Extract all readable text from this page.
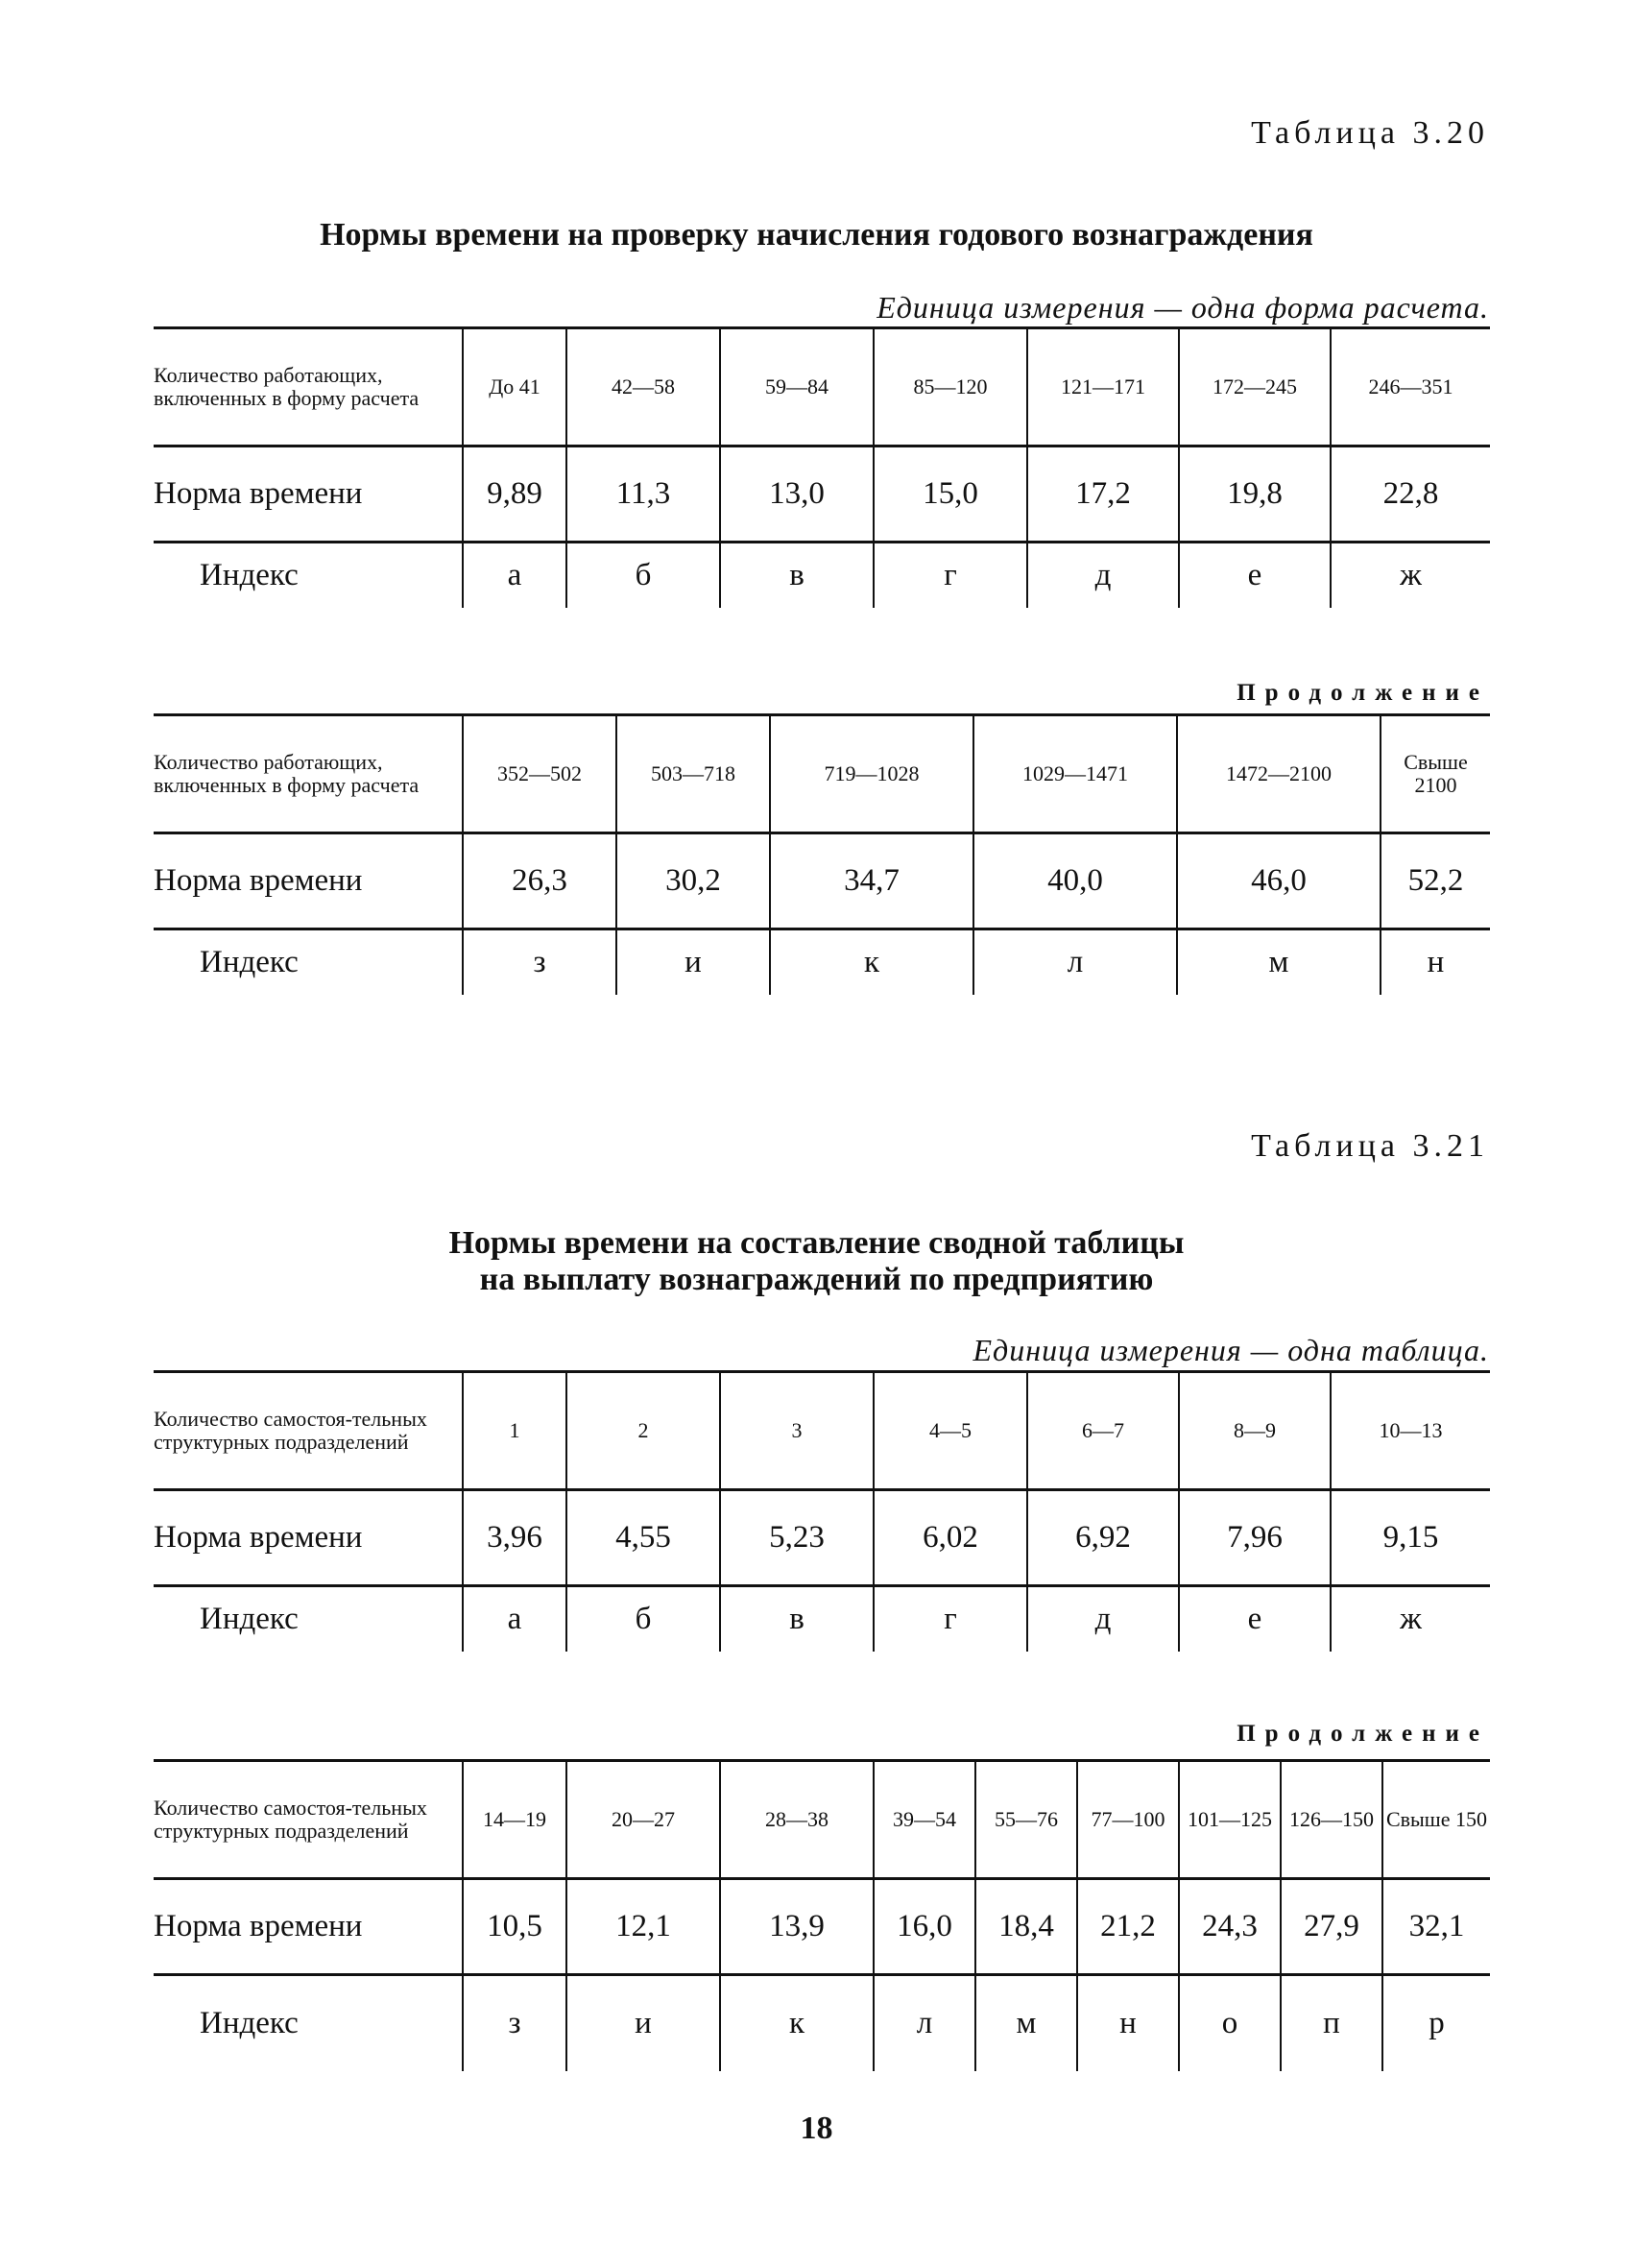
Таблица 3.20
Нормы времени на проверку начисления годового вознаграждения
Единица измерения — одна форма расчета.
Количество работающих, включенных в форму расчета	До 41	42—58	59—84	85—120	121—171	172—245	246—351
Норма времени	9,89	11,3	13,0	15,0	17,2	19,8	22,8
Индекс	а	б	в	г	д	е	ж
Продолжение
Количество работающих, включенных в форму расчета	352—502	503—718	719—1028	1029—1471	1472—2100	Свыше 2100
Норма времени	26,3	30,2	34,7	40,0	46,0	52,2
Индекс	з	и	к	л	м	н
Таблица 3.21
Нормы времени на составление сводной таблицы
на выплату вознаграждений по предприятию
Единица измерения — одна таблица.
Количество самостоя-тельных структурных подразделений	1	2	3	4—5	6—7	8—9	10—13
Норма времени	3,96	4,55	5,23	6,02	6,92	7,96	9,15
Индекс	а	б	в	г	д	е	ж
Продолжение
Количество самостоя-тельных структурных подразделений	14—19	20—27	28—38	39—54	55—76	77—100	101—125	126—150	Свыше 150
Норма времени	10,5	12,1	13,9	16,0	18,4	21,2	24,3	27,9	32,1
Индекс	з	и	к	л	м	н	о	п	р
18
